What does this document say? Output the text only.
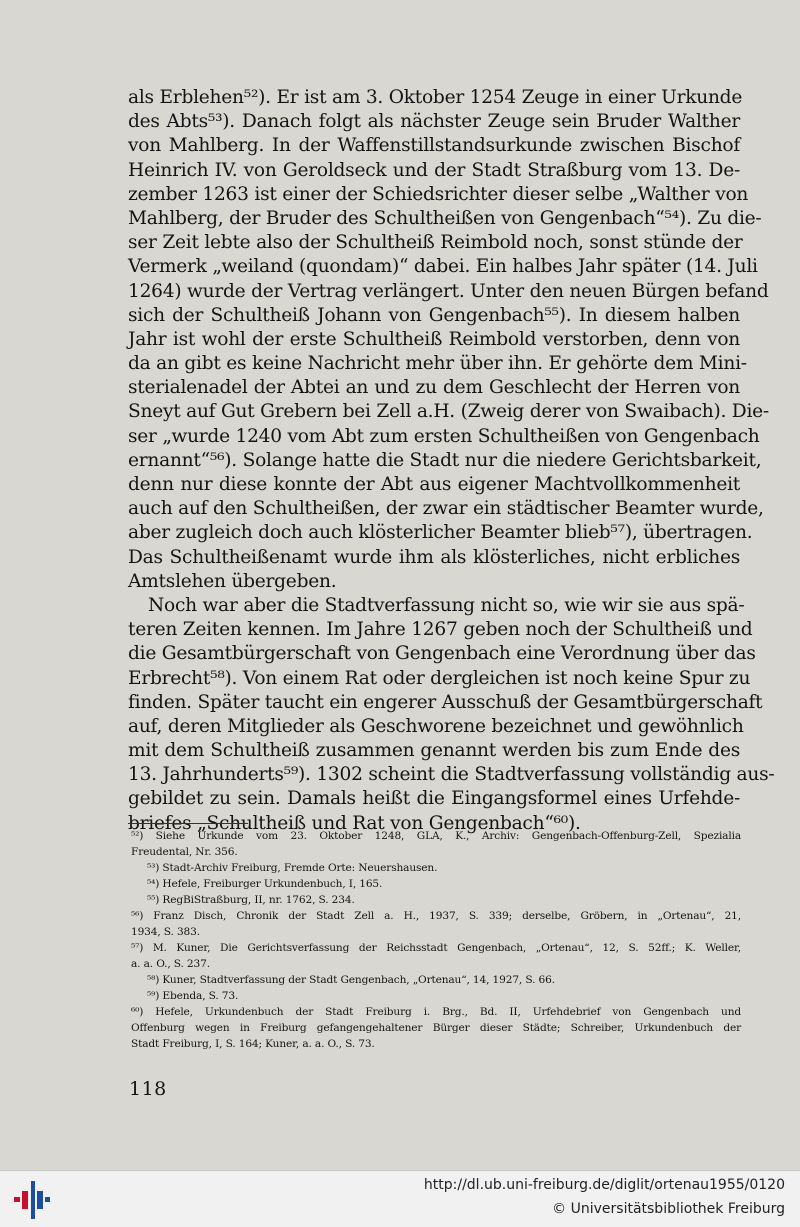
als Erblehen⁵²). Er ist am 3. Oktober 1254 Zeuge in einer Urkunde
des Abts⁵³). Danach folgt als nächster Zeuge sein Bruder Walther
von Mahlberg. In der Waffenstillstandsurkunde zwischen Bischof
Heinrich IV. von Geroldseck und der Stadt Straßburg vom 13. De-
zember 1263 ist einer der Schiedsrichter dieser selbe „Walther von
Mahlberg, der Bruder des Schultheißen von Gengenbach“⁵⁴). Zu die-
ser Zeit lebte also der Schultheiß Reimbold noch, sonst stünde der
Vermerk „weiland (quondam)“ dabei. Ein halbes Jahr später (14. Juli
1264) wurde der Vertrag verlängert. Unter den neuen Bürgen befand
sich der Schultheiß Johann von Gengenbach⁵⁵). In diesem halben
Jahr ist wohl der erste Schultheiß Reimbold verstorben, denn von
da an gibt es keine Nachricht mehr über ihn. Er gehörte dem Mini-
sterialenadel der Abtei an und zu dem Geschlecht der Herren von
Sneyt auf Gut Grebern bei Zell a.H. (Zweig derer von Swaibach). Die-
ser „wurde 1240 vom Abt zum ersten Schultheißen von Gengenbach
ernannt“⁵⁶). Solange hatte die Stadt nur die niedere Gerichtsbarkeit,
denn nur diese konnte der Abt aus eigener Machtvollkommenheit
auch auf den Schultheißen, der zwar ein städtischer Beamter wurde,
aber zugleich doch auch klösterlicher Beamter blieb⁵⁷), übertragen.
Das Schultheißenamt wurde ihm als klösterliches, nicht erbliches
Amtslehen übergeben.
Noch war aber die Stadtverfassung nicht so, wie wir sie aus spä-
teren Zeiten kennen. Im Jahre 1267 geben noch der Schultheiß und
die Gesamtbürgerschaft von Gengenbach eine Verordnung über das
Erbrecht⁵⁸). Von einem Rat oder dergleichen ist noch keine Spur zu
finden. Später taucht ein engerer Ausschuß der Gesamtbürgerschaft
auf, deren Mitglieder als Geschworene bezeichnet und gewöhnlich
mit dem Schultheiß zusammen genannt werden bis zum Ende des
13. Jahrhunderts⁵⁹). 1302 scheint die Stadtverfassung vollständig aus-
gebildet zu sein. Damals heißt die Eingangsformel eines Urfehde-
briefes „Schultheiß und Rat von Gengenbach“⁶⁰).
⁵²) Siehe Urkunde vom 23. Oktober 1248, GLA, K., Archiv: Gengenbach-Offenburg-Zell, Spezialia
Freudental, Nr. 356.
⁵³) Stadt-Archiv Freiburg, Fremde Orte: Neuershausen.
⁵⁴) Hefele, Freiburger Urkundenbuch, I, 165.
⁵⁵) RegBiStraßburg, II, nr. 1762, S. 234.
⁵⁶) Franz Disch, Chronik der Stadt Zell a. H., 1937, S. 339; derselbe, Gröbern, in „Ortenau“, 21,
1934, S. 383.
⁵⁷) M. Kuner, Die Gerichtsverfassung der Reichsstadt Gengenbach, „Ortenau“, 12, S. 52ff.; K. Weller,
a. a. O., S. 237.
⁵⁸) Kuner, Stadtverfassung der Stadt Gengenbach, „Ortenau“, 14, 1927, S. 66.
⁵⁹) Ebenda, S. 73.
⁶⁰) Hefele, Urkundenbuch der Stadt Freiburg i. Brg., Bd. II, Urfehdebrief von Gengenbach und
Offenburg wegen in Freiburg gefangengehaltener Bürger dieser Städte; Schreiber, Urkundenbuch der
Stadt Freiburg, I, S. 164; Kuner, a. a. O., S. 73.
118
http://dl.ub.uni-freiburg.de/diglit/ortenau1955/0120
© Universitätsbibliothek Freiburg
